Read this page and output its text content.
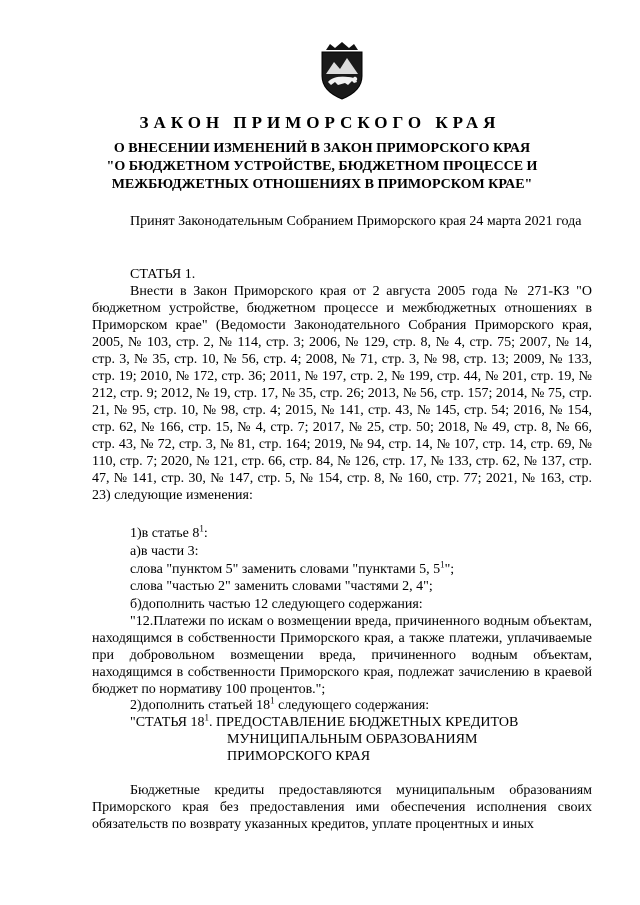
ЗАКОН ПРИМОРСКОГО КРАЯ
О ВНЕСЕНИИ ИЗМЕНЕНИЙ В ЗАКОН ПРИМОРСКОГО КРАЯ
"О БЮДЖЕТНОМ УСТРОЙСТВЕ, БЮДЖЕТНОМ ПРОЦЕССЕ И
МЕЖБЮДЖЕТНЫХ ОТНОШЕНИЯХ В ПРИМОРСКОМ КРАЕ"
Принят Законодательным Собранием Приморского края 24 марта 2021 года
СТАТЬЯ 1.
Внести в Закон Приморского края от 2 августа 2005 года № 271-КЗ "О бюджетном устройстве, бюджетном процессе и межбюджетных отношениях в Приморском крае" (Ведомости Законодательного Собрания Приморского края, 2005, № 103, стр. 2, № 114, стр. 3; 2006, № 129, стр. 8, № 4, стр. 75; 2007, № 14, стр. 3, № 35, стр. 10, № 56, стр. 4; 2008, № 71, стр. 3, № 98, стр. 13; 2009, № 133, стр. 19; 2010, № 172, стр. 36; 2011, № 197, стр. 2, № 199, стр. 44, № 201, стр. 19, № 212, стр. 9; 2012, № 19, стр. 17, № 35, стр. 26; 2013, № 56, стр. 157; 2014, № 75, стр. 21, № 95, стр. 10, № 98, стр. 4; 2015, № 141, стр. 43, № 145, стр. 54; 2016, № 154, стр. 62, № 166, стр. 15, № 4, стр. 7; 2017, № 25, стр. 50; 2018, № 49, стр. 8, № 66, стр. 43, № 72, стр. 3, № 81, стр. 164; 2019, № 94, стр. 14, № 107, стр. 14, стр. 69, № 110, стр. 7; 2020, № 121, стр. 66, стр. 84, № 126, стр. 17, № 133, стр. 62, № 137, стр. 47, № 141, стр. 30, № 147, стр. 5, № 154, стр. 8, № 160, стр. 77; 2021, № 163, стр. 23) следующие изменения:
1)в статье $8^1$:
а)в части 3:
слова "пунктом 5" заменить словами "пунктами 5, $5^1$";
слова "частью 2" заменить словами "частями 2, 4";
б)дополнить частью 12 следующего содержания:
"12.Платежи по искам о возмещении вреда, причиненного водным объектам, находящимся в собственности Приморского края, а также платежи, уплачиваемые при добровольном возмещении вреда, причиненного водным объектам, находящимся в собственности Приморского края, подлежат зачислению в краевой бюджет по нормативу 100 процентов.";
2)дополнить статьей $18^1$ следующего содержания:
"СТАТЬЯ $18^1$. ПРЕДОСТАВЛЕНИЕ БЮДЖЕТНЫХ КРЕДИТОВ
МУНИЦИПАЛЬНЫМ ОБРАЗОВАНИЯМ
ПРИМОРСКОГО КРАЯ
Бюджетные кредиты предоставляются муниципальным образованиям Приморского края без предоставления ими обеспечения исполнения своих обязательств по возврату указанных кредитов, уплате процентных и иных
